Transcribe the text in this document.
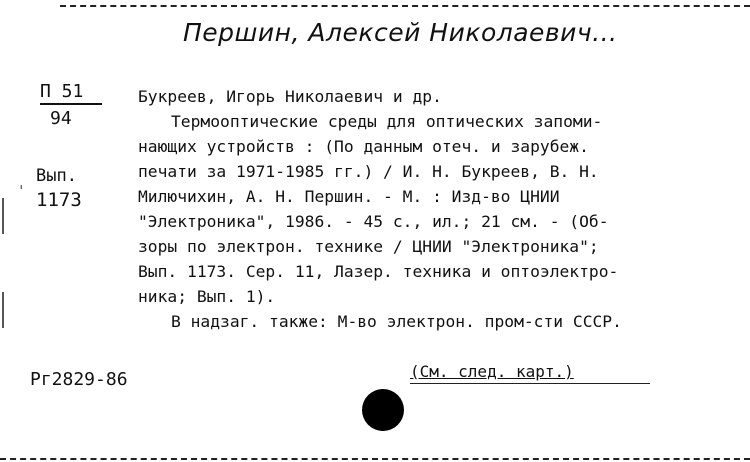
Першин, Алексей Николаевич...
П 51
94
Вып.
1173
ˈ
Букреев, Игорь Николаевич и др.
Термооптические среды для оптических запоми-
нающих устройств : (По данным отеч. и зарубеж.
печати за 1971-1985 гг.) / И. Н. Букреев, В. Н.
Милючихин, А. Н. Першин. - М. : Изд-во ЦНИИ
"Электроника", 1986. - 45 с., ил.; 21 см. - (Об-
зоры по электрон. технике / ЦНИИ "Электроника";
Вып. 1173. Сер. 11, Лазер. техника и оптоэлектро-
ника; Вып. 1).
В надзаг. также: М-во электрон. пром-сти СССР.
Рг2829-86	(См. след. карт.)
